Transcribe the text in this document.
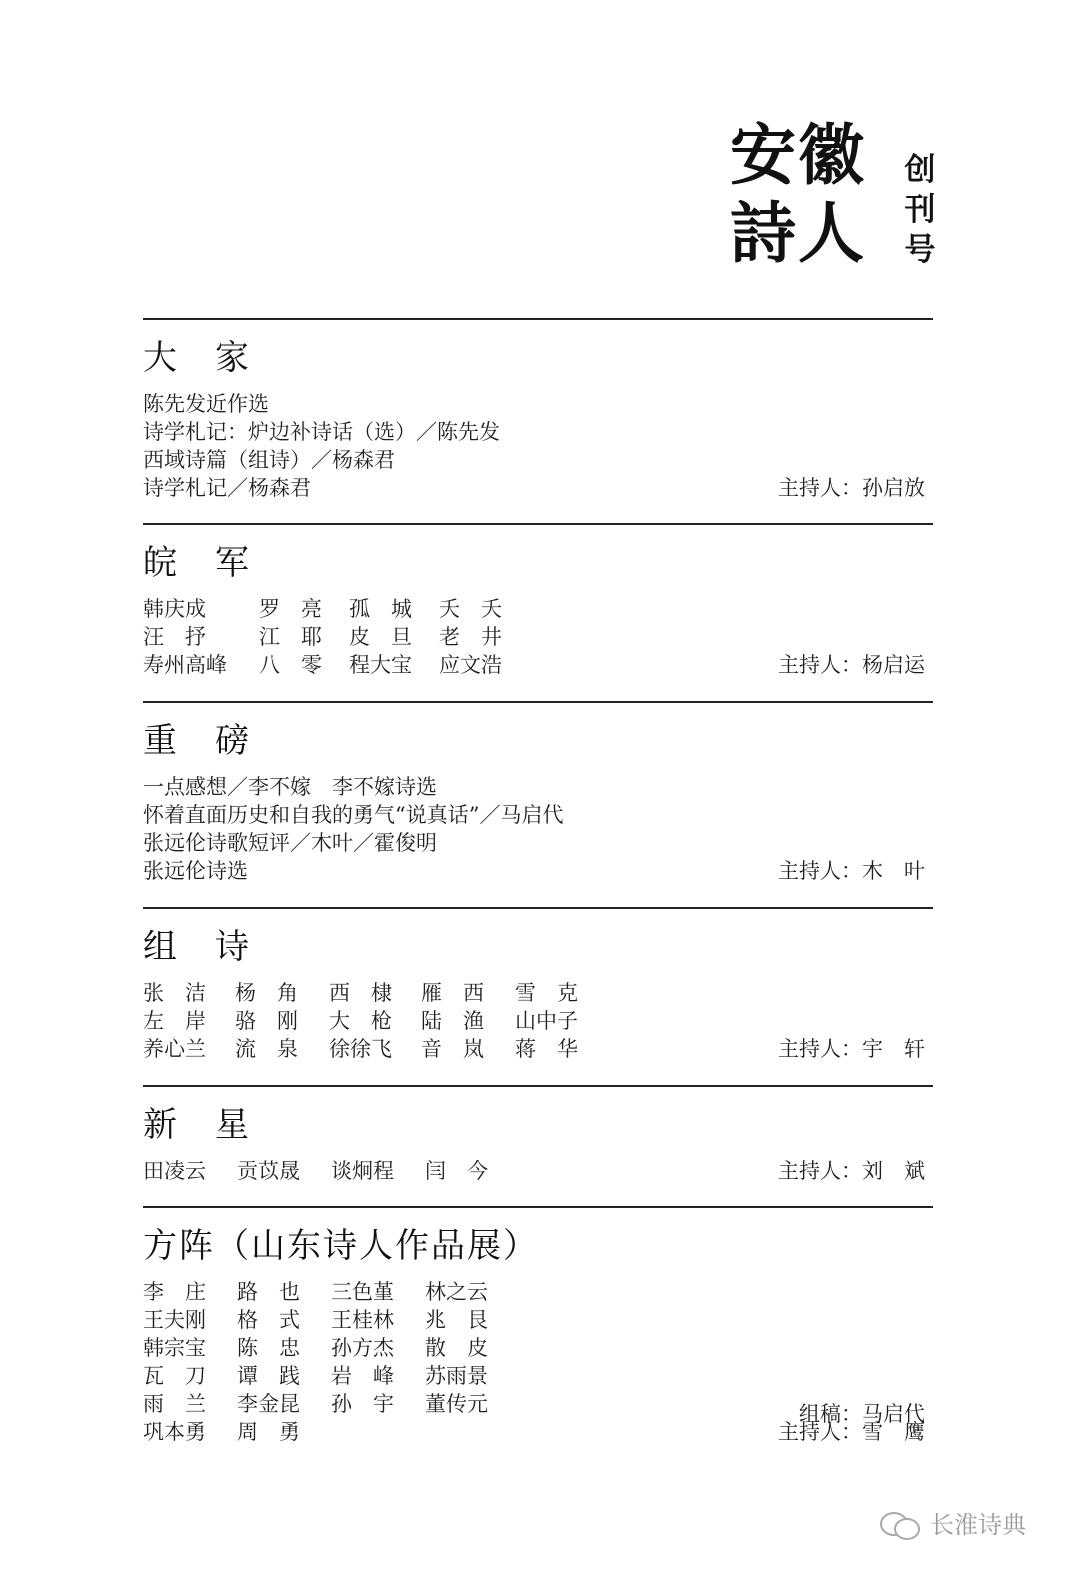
安 徽
詩 人
创
刊
号
大　家
陈先发近作选
诗学札记：炉边补诗话（选）／陈先发
西域诗篇（组诗）／杨森君
诗学札记／杨森君	主持人：孙启放
皖　军
韩庆成	罗　亮	孤　城	夭　夭
汪　抒	江　耶	皮　旦	老　井
寿州高峰	八　零	程大宝	应文浩	主持人：杨启运
重　磅
一点感想／李不嫁　李不嫁诗选
怀着直面历史和自我的勇气“说真话”／马启代
张远伦诗歌短评／木叶／霍俊明
张远伦诗选	主持人：木　叶
组　诗
张　洁	杨　角	西　棣	雁　西	雪　克
左　岸	骆　刚	大　枪	陆　渔	山中子
养心兰	流　泉	徐徐飞	音　岚	蒋　华	主持人：宇　轩
新　星
田凌云	贡苡晟	谈炯程	闫　今	主持人：刘　斌
方阵（山东诗人作品展）
李　庄	路　也	三色堇	林之云
王夫刚	格　式	王桂林	兆　艮
韩宗宝	陈　忠	孙方杰	散　皮
瓦　刀	谭　践	岩　峰	苏雨景
雨　兰	李金昆	孙　宇	董传元
巩本勇	周　勇
组稿：马启代
主持人：雪　鹰
长淮诗典
